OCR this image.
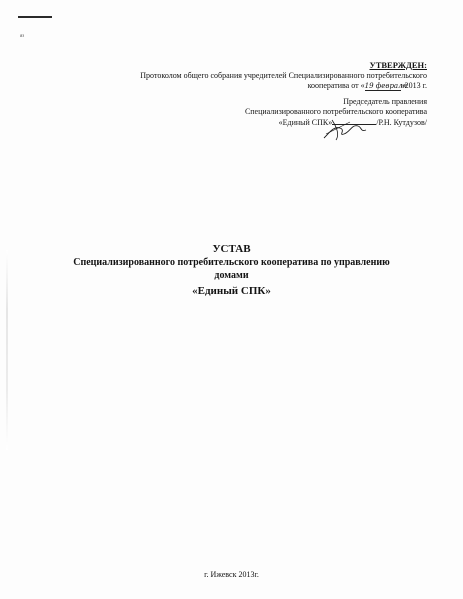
яз
УТВЕРЖДЕН:
Протоколом общего собрания учредителей Специализированного потребительского
кооператива от «19 февраля»2013 г.
Председатель правления
Специализированного потребительского кооператива
«Единый СПК»	/Р.Н. Кутдузов/
УСТАВ
Специализированного потребительского кооператива по управлению
домами
«Единый СПК»
г. Ижевск 2013г.
